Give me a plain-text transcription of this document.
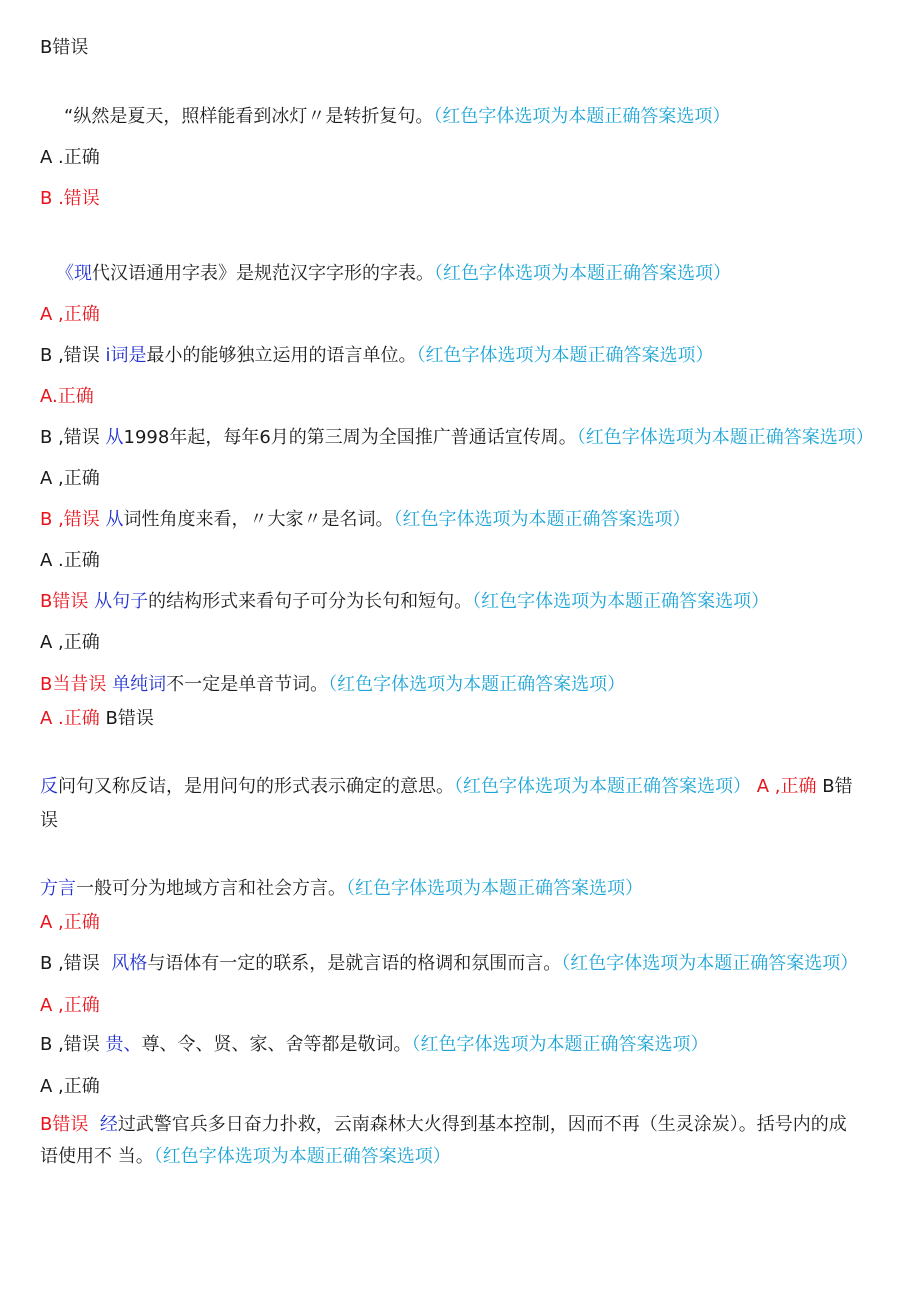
B错误
“纵然是夏天，照样能看到冰灯〃是转折复句。（红色字体选项为本题正确答案选项）
A .正确
B .错误
《现代汉语通用字表》是规范汉字字形的字表。（红色字体选项为本题正确答案选项）
A ,正确
B ,错误 i词是最小的能够独立运用的语言单位。（红色字体选项为本题正确答案选项）
A.正确
B ,错误 从1998年起，每年6月的第三周为全国推广普通话宣传周。（红色字体选项为本题正确答案选项）
A ,正确
B ,错误 从词性角度来看，〃大家〃是名词。（红色字体选项为本题正确答案选项）
A .正确
B错误 从句子的结构形式来看句子可分为长句和短句。（红色字体选项为本题正确答案选项）
A ,正确
B当昔误 单纯词不一定是单音节词。（红色字体选项为本题正确答案选项）
A .正确 B错误
反问句又称反诘，是用问句的形式表示确定的意思。（红色字体选项为本题正确答案选项） A ,正确 B错
误
方言一般可分为地域方言和社会方言。（红色字体选项为本题正确答案选项）
A ,正确
B ,错误 风格与语体有一定的联系，是就言语的格调和氛围而言。（红色字体选项为本题正确答案选项）
A ,正确
B ,错误 贵、尊、令、贤、家、舍等都是敬词。（红色字体选项为本题正确答案选项）
A ,正确
B错误 经过武警官兵多日奋力扑救，云南森林大火得到基本控制，因而不再（生灵涂炭）。括号内的成
语使用不 当。（红色字体选项为本题正确答案选项）
